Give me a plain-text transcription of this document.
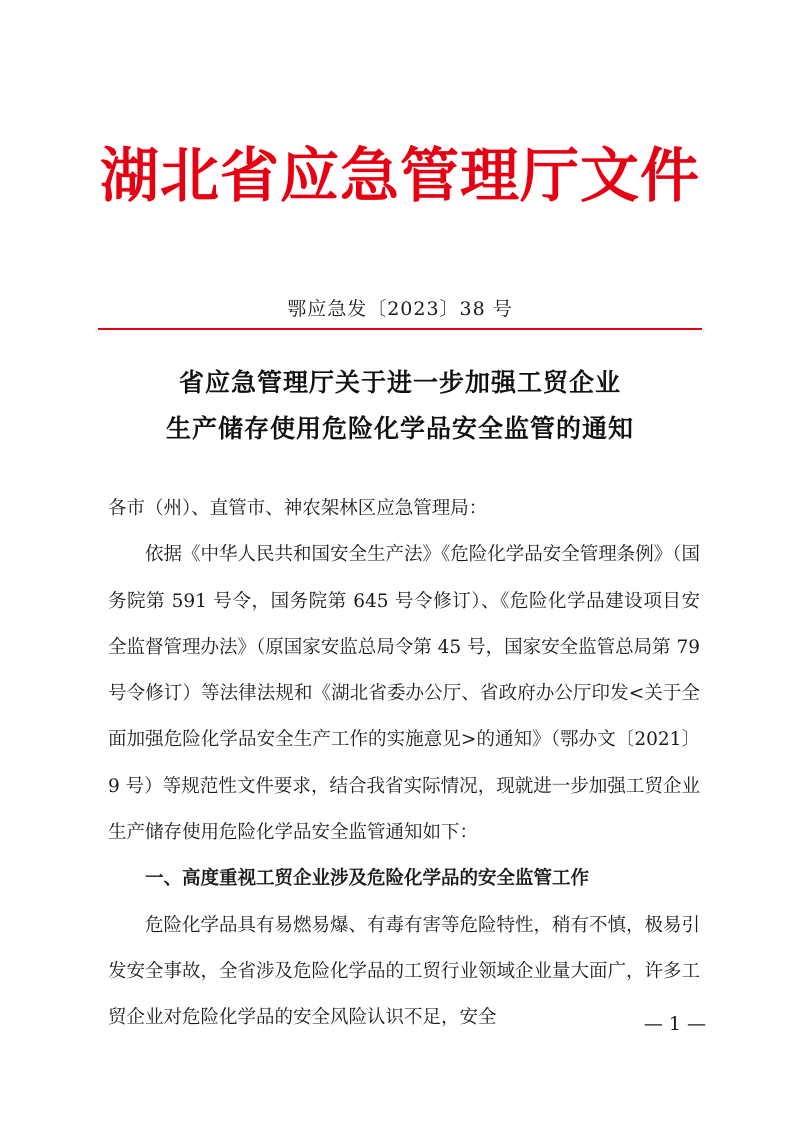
湖北省应急管理厅文件
鄂应急发〔2023〕38 号
省应急管理厅关于进一步加强工贸企业
生产储存使用危险化学品安全监管的通知

各市（州）、直管市、神农架林区应急管理局：

依据《中华人民共和国安全生产法》《危险化学品安全管理条例》（国务院第 591 号令，国务院第 645 号令修订）、《危险化学品建设项目安全监督管理办法》（原国家安监总局令第 45 号，国家安全监管总局第 79 号令修订）等法律法规和《湖北省委办公厅、省政府办公厅印发<关于全面加强危险化学品安全生产工作的实施意见>的通知》（鄂办文〔2021〕9 号）等规范性文件要求，结合我省实际情况，现就进一步加强工贸企业生产储存使用危险化学品安全监管通知如下：

一、高度重视工贸企业涉及危险化学品的安全监管工作

危险化学品具有易燃易爆、有毒有害等危险特性，稍有不慎，极易引发安全事故，全省涉及危险化学品的工贸行业领域企业量大面广，许多工贸企业对危险化学品的安全风险认识不足，安全	— 1 —
